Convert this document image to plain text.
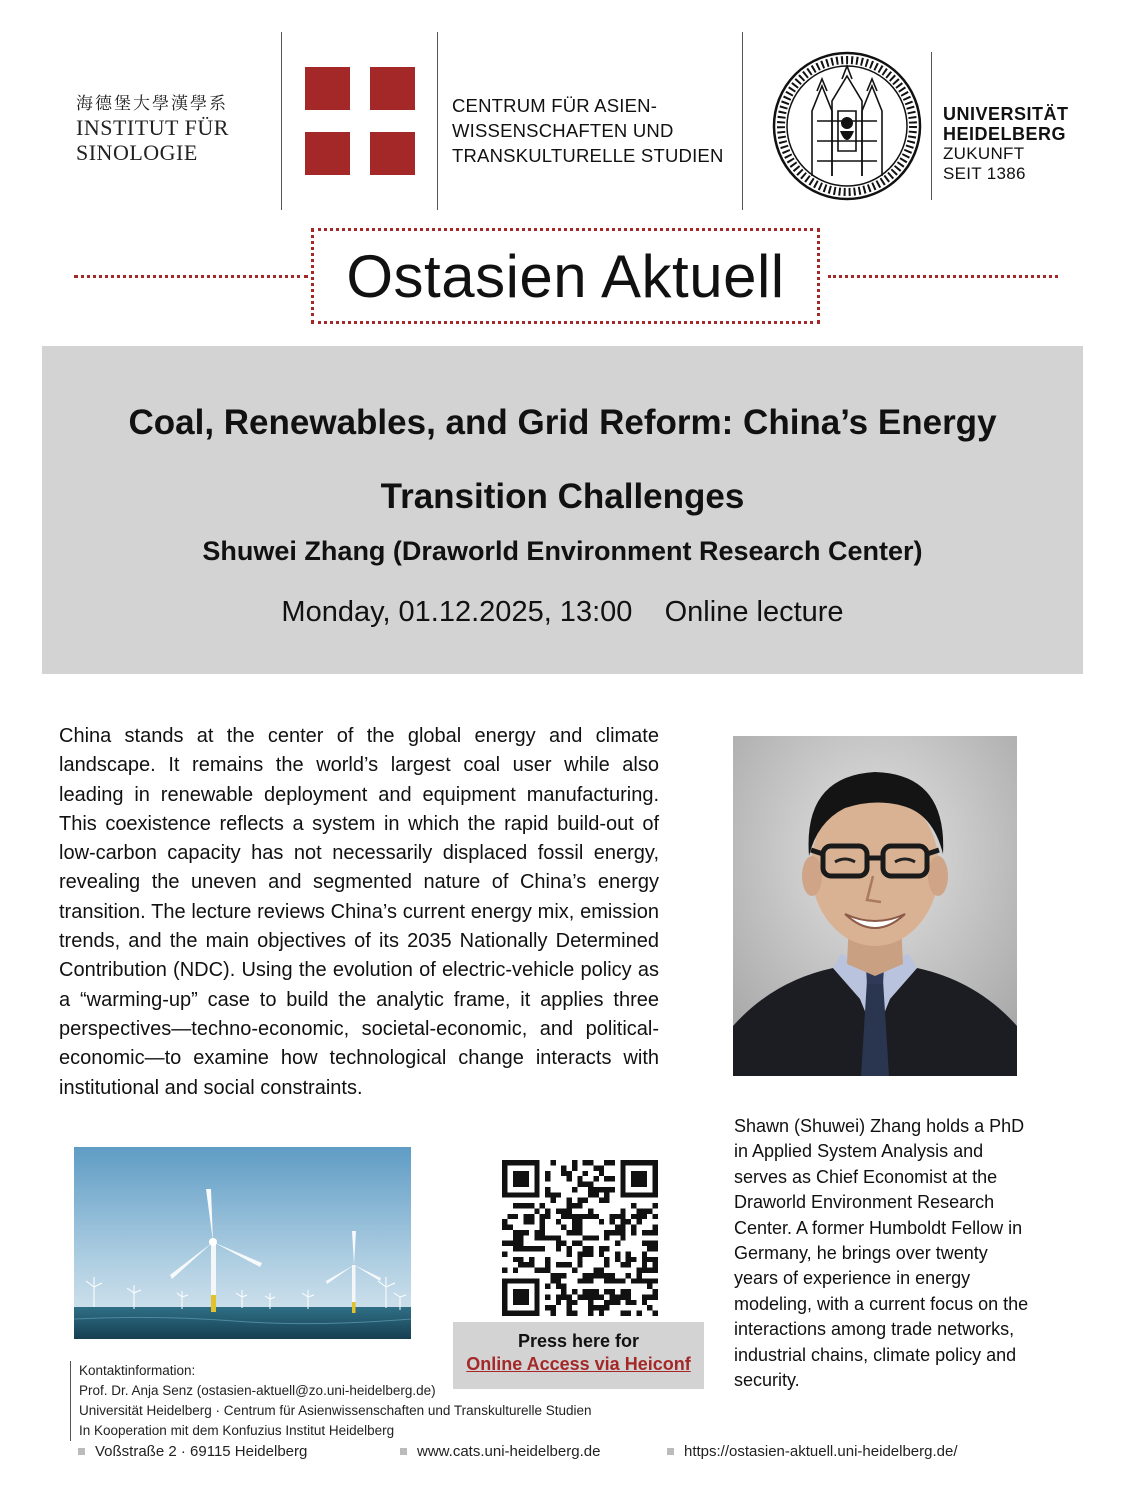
海德堡大學漢學系
INSTITUT FÜR
SINOLOGIE
CENTRUM FÜR ASIEN-
WISSENSCHAFTEN UND
TRANSKULTURELLE STUDIEN
UNIVERSITÄT
HEIDELBERG
ZUKUNFT
SEIT 1386
Ostasien Aktuell
Coal, Renewables, and Grid Reform: China’s Energy Transition Challenges
Shuwei Zhang (Draworld Environment Research Center)
Monday, 01.12.2025, 13:00 Online lecture
China stands at the center of the global energy and climate landscape. It remains the world’s largest coal user while also leading in renewable deployment and equipment manufacturing. This coexistence reflects a system in which the rapid build-out of low-carbon capacity has not necessarily displaced fossil energy, revealing the uneven and segmented nature of China’s energy transition. The lecture reviews China’s current energy mix, emission trends, and the main objectives of its 2035 Nationally Determined Contribution (NDC). Using the evolution of electric-vehicle policy as a “warming-up” case to build the analytic frame, it applies three perspectives—techno-economic, societal-economic, and political-economic—to examine how technological change interacts with institutional and social constraints.
Shawn (Shuwei) Zhang holds a PhD in Applied System Analysis and serves as Chief Economist at the Draworld Environment Research Center. A former Humboldt Fellow in Germany, he brings over twenty years of experience in energy modeling, with a current focus on the interactions among trade networks, industrial chains, climate policy and security.
Press here for
Online Access via Heiconf
Kontaktinformation:
Prof. Dr. Anja Senz (ostasien-aktuell@zo.uni-heidelberg.de)
Universität Heidelberg · Centrum für Asienwissenschaften und Transkulturelle Studien
In Kooperation mit dem Konfuzius Institut Heidelberg
Voßstraße 2 · 69115 Heidelberg	www.cats.uni-heidelberg.de	https://ostasien-aktuell.uni-heidelberg.de/
